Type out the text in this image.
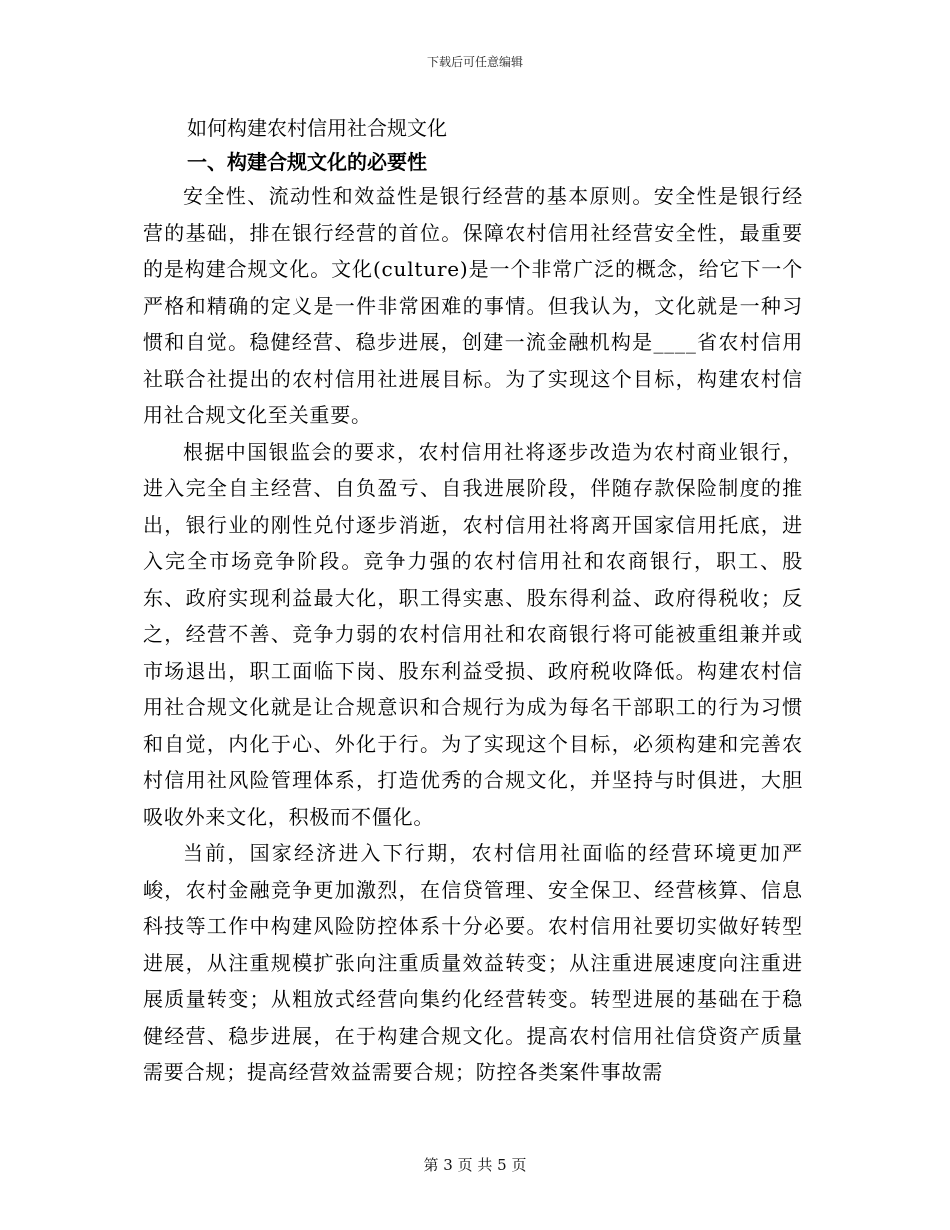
下载后可任意编辑
如何构建农村信用社合规文化
一、构建合规文化的必要性

安全性、流动性和效益性是银行经营的基本原则。安全性是银行经营的基础，排在银行经营的首位。保障农村信用社经营安全性，最重要的是构建合规文化。文化(culture)是一个非常广泛的概念，给它下一个严格和精确的定义是一件非常困难的事情。但我认为，文化就是一种习惯和自觉。稳健经营、稳步进展，创建一流金融机构是____省农村信用社联合社提出的农村信用社进展目标。为了实现这个目标，构建农村信用社合规文化至关重要。

根据中国银监会的要求，农村信用社将逐步改造为农村商业银行，进入完全自主经营、自负盈亏、自我进展阶段，伴随存款保险制度的推出，银行业的刚性兑付逐步消逝，农村信用社将离开国家信用托底，进入完全市场竞争阶段。竞争力强的农村信用社和农商银行，职工、股东、政府实现利益最大化，职工得实惠、股东得利益、政府得税收；反之，经营不善、竞争力弱的农村信用社和农商银行将可能被重组兼并或市场退出，职工面临下岗、股东利益受损、政府税收降低。构建农村信用社合规文化就是让合规意识和合规行为成为每名干部职工的行为习惯和自觉，内化于心、外化于行。为了实现这个目标，必须构建和完善农村信用社风险管理体系，打造优秀的合规文化，并坚持与时俱进，大胆吸收外来文化，积极而不僵化。

当前，国家经济进入下行期，农村信用社面临的经营环境更加严峻，农村金融竞争更加激烈，在信贷管理、安全保卫、经营核算、信息科技等工作中构建风险防控体系十分必要。农村信用社要切实做好转型进展，从注重规模扩张向注重质量效益转变；从注重进展速度向注重进展质量转变；从粗放式经营向集约化经营转变。转型进展的基础在于稳健经营、稳步进展，在于构建合规文化。提高农村信用社信贷资产质量需要合规；提高经营效益需要合规；防控各类案件事故需

第 3 页 共 5 页
